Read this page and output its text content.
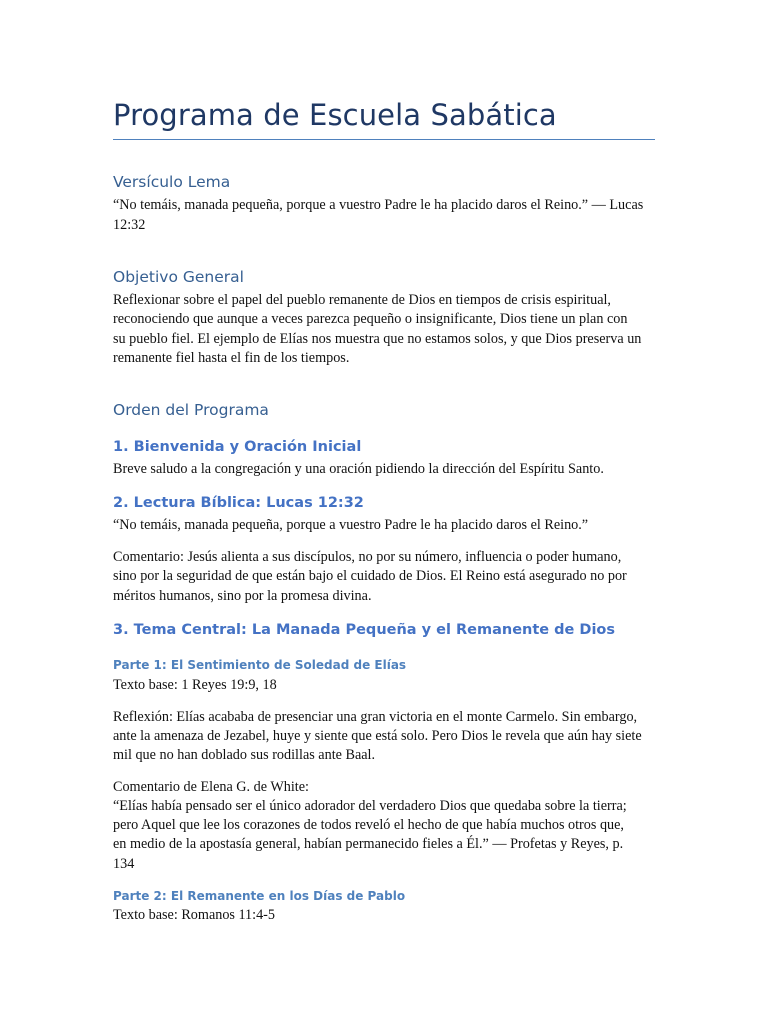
Programa de Escuela Sabática
Versículo Lema

“No temáis, manada pequeña, porque a vuestro Padre le ha placido daros el Reino.” — Lucas

12:32

Objetivo General

Reflexionar sobre el papel del pueblo remanente de Dios en tiempos de crisis espiritual,

reconociendo que aunque a veces parezca pequeño o insignificante, Dios tiene un plan con

su pueblo fiel. El ejemplo de Elías nos muestra que no estamos solos, y que Dios preserva un

remanente fiel hasta el fin de los tiempos.

Orden del Programa
1. Bienvenida y Oración Inicial

Breve saludo a la congregación y una oración pidiendo la dirección del Espíritu Santo.

2. Lectura Bíblica: Lucas 12:32

“No temáis, manada pequeña, porque a vuestro Padre le ha placido daros el Reino.”

Comentario: Jesús alienta a sus discípulos, no por su número, influencia o poder humano,

sino por la seguridad de que están bajo el cuidado de Dios. El Reino está asegurado no por

méritos humanos, sino por la promesa divina.

3. Tema Central: La Manada Pequeña y el Remanente de Dios
Parte 1: El Sentimiento de Soledad de Elías

Texto base: 1 Reyes 19:9, 18

Reflexión: Elías acababa de presenciar una gran victoria en el monte Carmelo. Sin embargo,

ante la amenaza de Jezabel, huye y siente que está solo. Pero Dios le revela que aún hay siete

mil que no han doblado sus rodillas ante Baal.

Comentario de Elena G. de White:

“Elías había pensado ser el único adorador del verdadero Dios que quedaba sobre la tierra;

pero Aquel que lee los corazones de todos reveló el hecho de que había muchos otros que,

en medio de la apostasía general, habían permanecido fieles a Él.” — Profetas y Reyes, p.

134

Parte 2: El Remanente en los Días de Pablo

Texto base: Romanos 11:4-5
